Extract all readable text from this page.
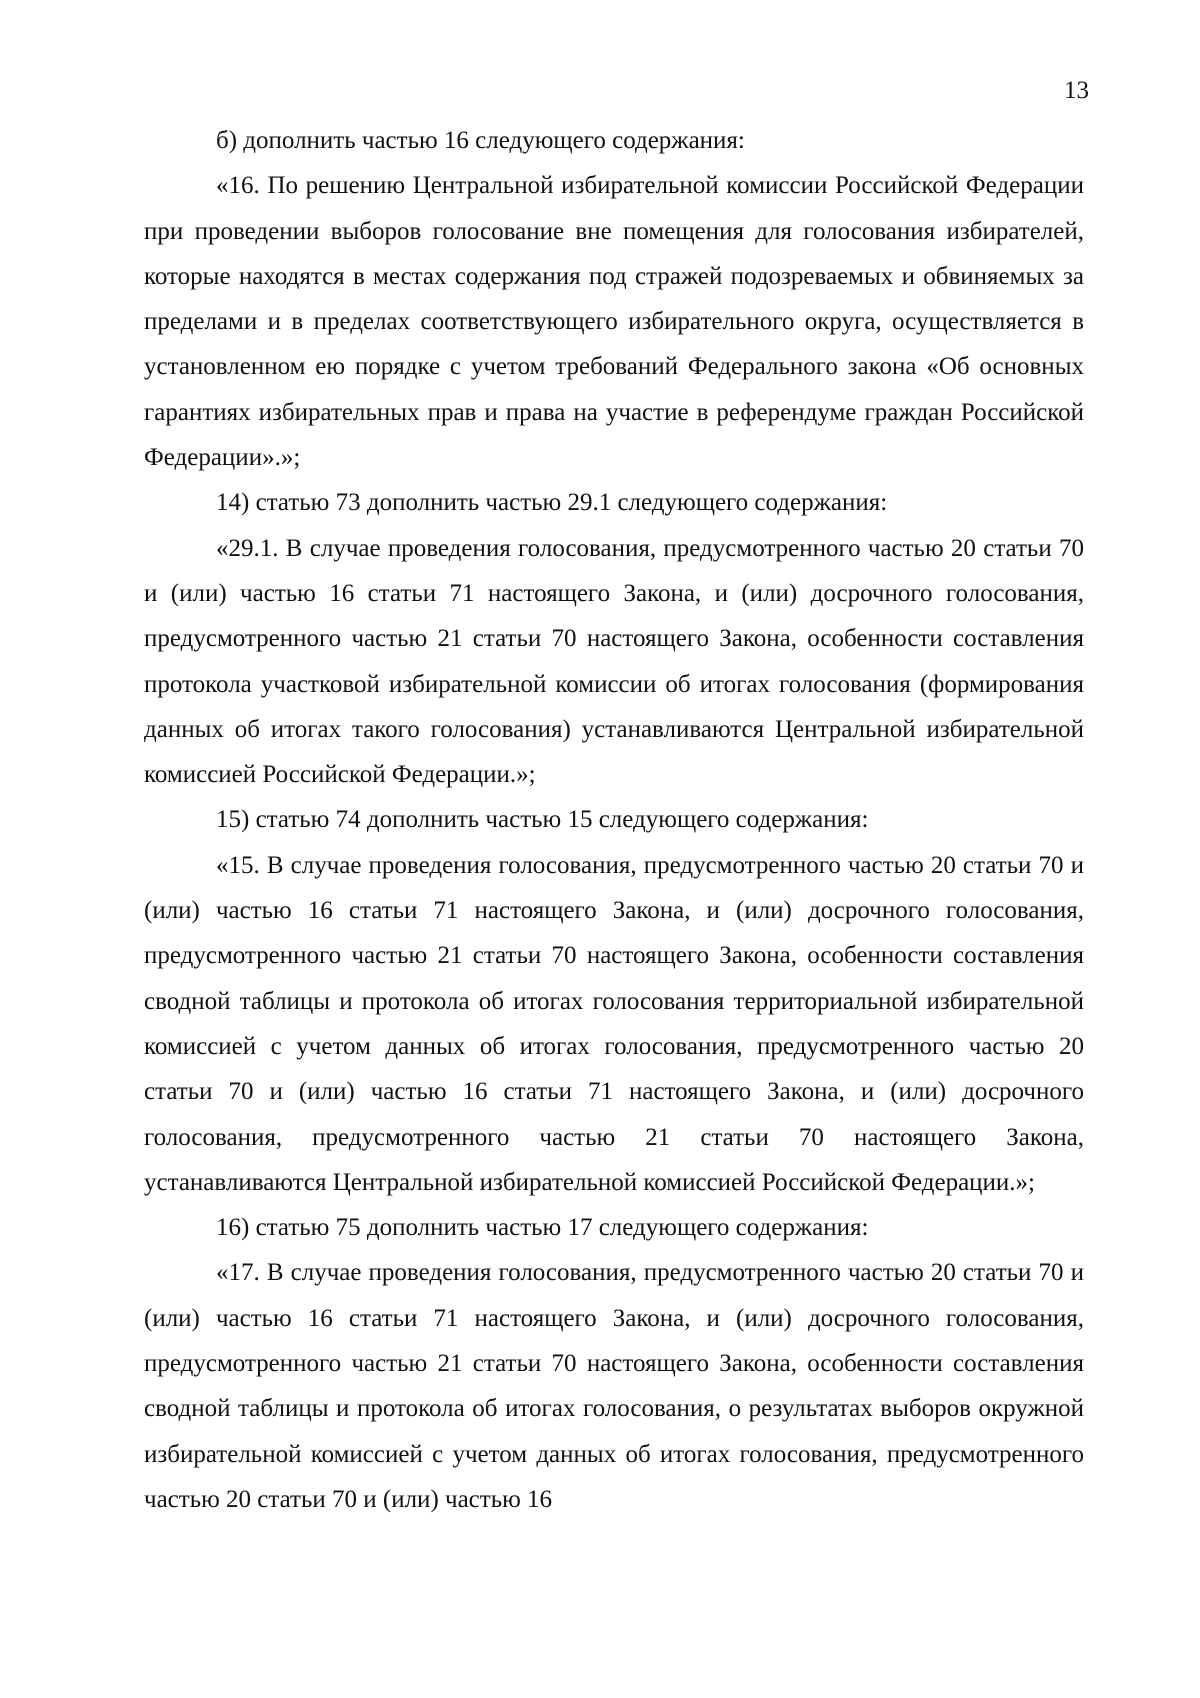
13

б) дополнить частью 16 следующего содержания:

«16. По решению Центральной избирательной комиссии Российской Федерации при проведении выборов голосование вне помещения для голосования избирателей, которые находятся в местах содержания под стражей подозреваемых и обвиняемых за пределами и в пределах соответствующего избирательного округа, осуществляется в установленном ею порядке с учетом требований Федерального закона «Об основных гарантиях избирательных прав и права на участие в референдуме граждан Российской Федерации».»;

14) статью 73 дополнить частью 29.1 следующего содержания:

«29.1. В случае проведения голосования, предусмотренного частью 20 статьи 70 и (или) частью 16 статьи 71 настоящего Закона, и (или) досрочного голосования, предусмотренного частью 21 статьи 70 настоящего Закона, особенности составления протокола участковой избирательной комиссии об итогах голосования (формирования данных об итогах такого голосования) устанавливаются Центральной избирательной комиссией Российской Федерации.»;

15) статью 74 дополнить частью 15 следующего содержания:

«15. В случае проведения голосования, предусмотренного частью 20 статьи 70 и (или) частью 16 статьи 71 настоящего Закона, и (или) досрочного голосования, предусмотренного частью 21 статьи 70 настоящего Закона, особенности составления сводной таблицы и протокола об итогах голосования территориальной избирательной комиссией с учетом данных об итогах голосования, предусмотренного частью 20 статьи 70 и (или) частью 16 статьи 71 настоящего Закона, и (или) досрочного голосования, предусмотренного частью 21 статьи 70 настоящего Закона, устанавливаются Центральной избирательной комиссией Российской Федерации.»;

16) статью 75 дополнить частью 17 следующего содержания:

«17. В случае проведения голосования, предусмотренного частью 20 статьи 70 и (или) частью 16 статьи 71 настоящего Закона, и (или) досрочного голосования, предусмотренного частью 21 статьи 70 настоящего Закона, особенности составления сводной таблицы и протокола об итогах голосования, о результатах выборов окружной избирательной комиссией с учетом данных об итогах голосования, предусмотренного частью 20 статьи 70 и (или) частью 16
